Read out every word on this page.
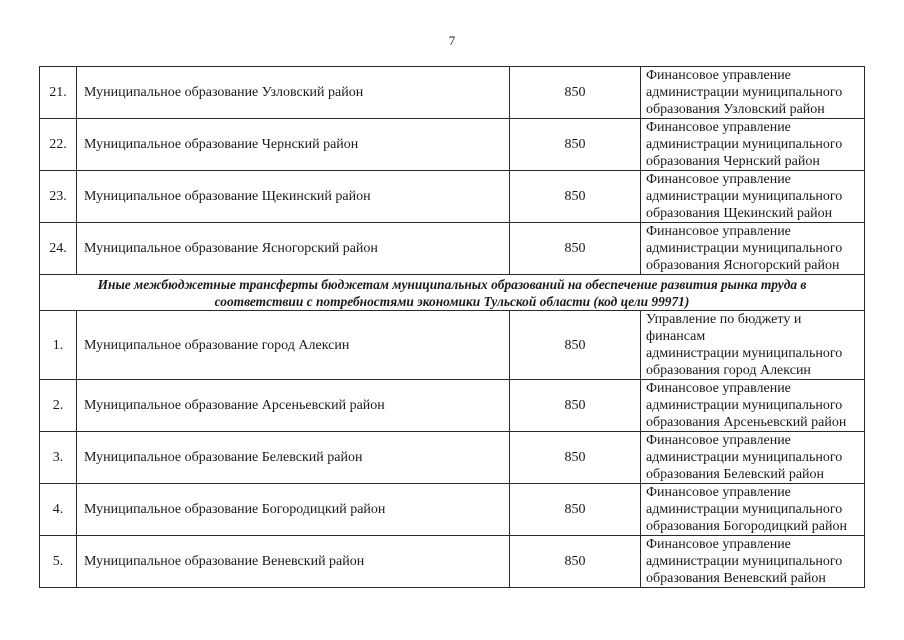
7
21.	Муниципальное образование Узловский район	850	Финансовое управление
администрации муниципального
образования Узловский район

22.	Муниципальное образование Чернский район	850	Финансовое управление
администрации муниципального
образования Чернский район

23.	Муниципальное образование Щекинский район	850	Финансовое управление
администрации муниципального
образования Щекинский район

24.	Муниципальное образование Ясногорский район	850	Финансовое управление
администрации муниципального
образования Ясногорский район

Иные межбюджетные трансферты бюджетам муниципальных образований на обеспечение развития рынка труда в
соответствии с потребностями экономики Тульской области (код цели 99971)			

1.	Муниципальное образование город Алексин	850	Управление по бюджету и финансам
администрации муниципального
образования город Алексин

2.	Муниципальное образование Арсеньевский район	850	Финансовое управление
администрации муниципального
образования Арсеньевский район

3.	Муниципальное образование Белевский район	850	Финансовое управление
администрации муниципального
образования Белевский район

4.	Муниципальное образование Богородицкий район	850	Финансовое управление
администрации муниципального
образования Богородицкий район

5.	Муниципальное образование Веневский район	850	Финансовое управление
администрации муниципального
образования Веневский район
